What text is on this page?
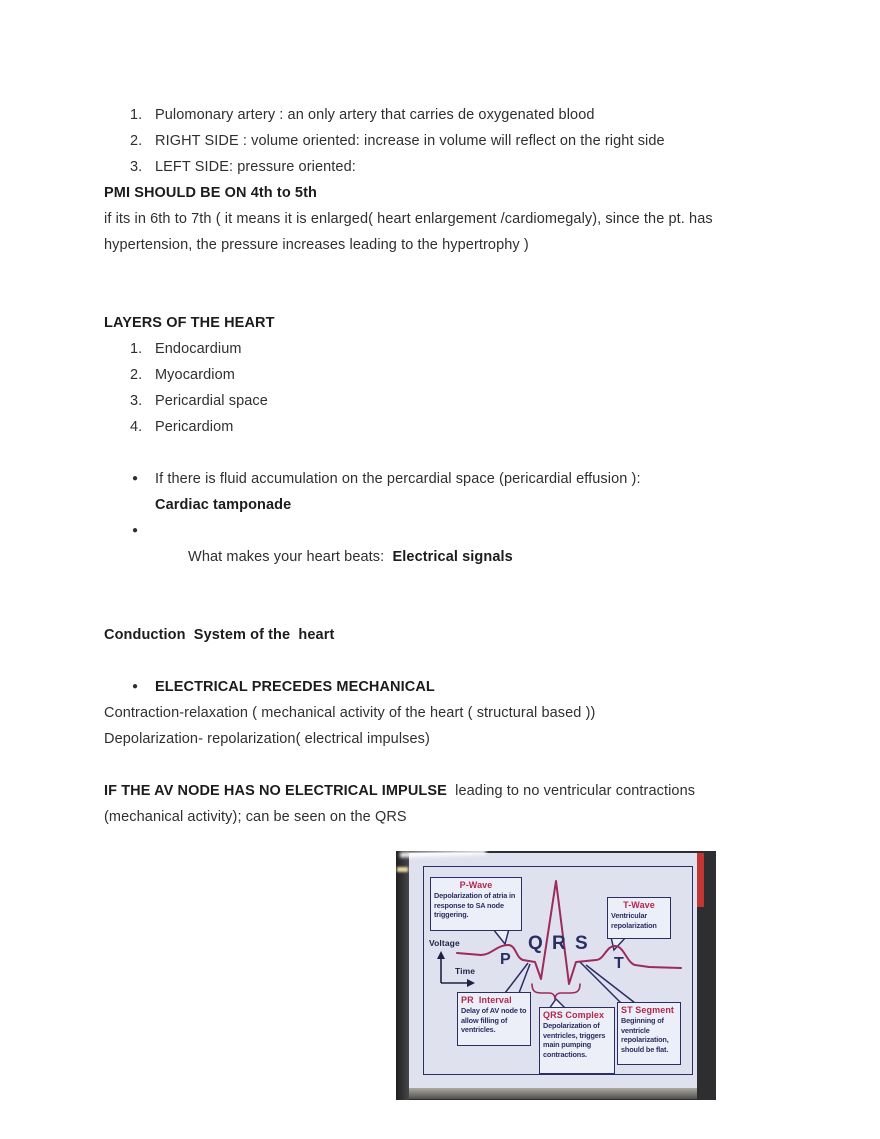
1. Pulomonary artery : an only artery that carries de oxygenated blood
2. RIGHT SIDE : volume oriented: increase in volume will reflect on the right side
3. LEFT SIDE: pressure oriented:

PMI SHOULD BE ON 4th to 5th

if its in 6th to 7th ( it means it is enlarged( heart enlargement /cardiomegaly), since the pt. has hypertension, the pressure increases leading to the hypertrophy )

LAYERS OF THE HEART

1. Endocardium
2. Myocardiom
3. Pericardial space
4. Pericardiom
●	If there is fluid accumulation on the percardial space (pericardial effusion ):
Cardiac tamponade
●

What makes your heart beats:  Electrical signals

Conduction  System of the  heart

●	ELECTRICAL PRECEDES MECHANICAL

Contraction-relaxation ( mechanical activity of the heart ( structural based ))

Depolarization- repolarization( electrical impulses)

IF THE AV NODE HAS NO ELECTRICAL IMPULSE  leading to no ventricular contractions (mechanical activity); can be seen on the QRS

P-Wave
Depolarization of atria in response to SA node triggering.
T-Wave
Ventricular repolarization
PR  Interval
Delay of AV node to allow filling of ventricles.
QRS Complex
Depolarization of ventricles, triggers main pumping contractions.
ST Segment
Beginning of ventricle repolarization, should be flat.
P
Q R S
T
Voltage
Time
